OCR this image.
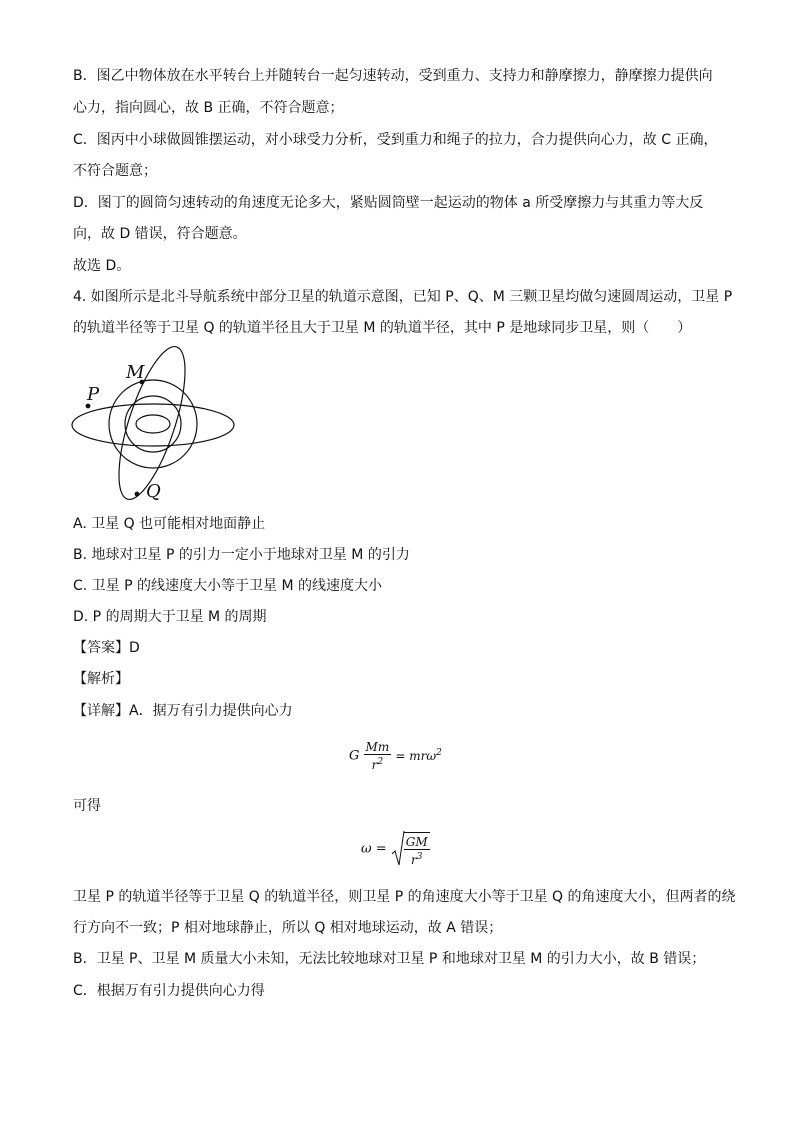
B．图乙中物体放在水平转台上并随转台一起匀速转动，受到重力、支持力和静摩擦力，静摩擦力提供向
心力，指向圆心，故 B 正确，不符合题意；
C．图丙中小球做圆锥摆运动，对小球受力分析，受到重力和绳子的拉力，合力提供向心力，故 C 正确，
不符合题意；
D．图丁的圆筒匀速转动的角速度无论多大，紧贴圆筒壁一起运动的物体 a 所受摩擦力与其重力等大反
向，故 D 错误，符合题意。
故选 D。
4. 如图所示是北斗导航系统中部分卫星的轨道示意图，已知 P、Q、M 三颗卫星均做匀速圆周运动，卫星 P
的轨道半径等于卫星 Q 的轨道半径且大于卫星 M 的轨道半径，其中 P 是地球同步卫星，则（　　）
M
P
Q
A. 卫星 Q 也可能相对地面静止
B. 地球对卫星 P 的引力一定小于地球对卫星 M 的引力
C. 卫星 P 的线速度大小等于卫星 M 的线速度大小
D. P 的周期大于卫星 M 的周期
【答案】D
【解析】
【详解】A．据万有引力提供向心力
G $\frac{Mm}{r^2} = mr\omega^2$
可得
$\omega = \frac{GM}{r^3}$
卫星 P 的轨道半径等于卫星 Q 的轨道半径，则卫星 P 的角速度大小等于卫星 Q 的角速度大小，但两者的绕
行方向不一致；P 相对地球静止，所以 Q 相对地球运动，故 A 错误；
B．卫星 P、卫星 M 质量大小未知，无法比较地球对卫星 P 和地球对卫星 M 的引力大小，故 B 错误；
C．根据万有引力提供向心力得
